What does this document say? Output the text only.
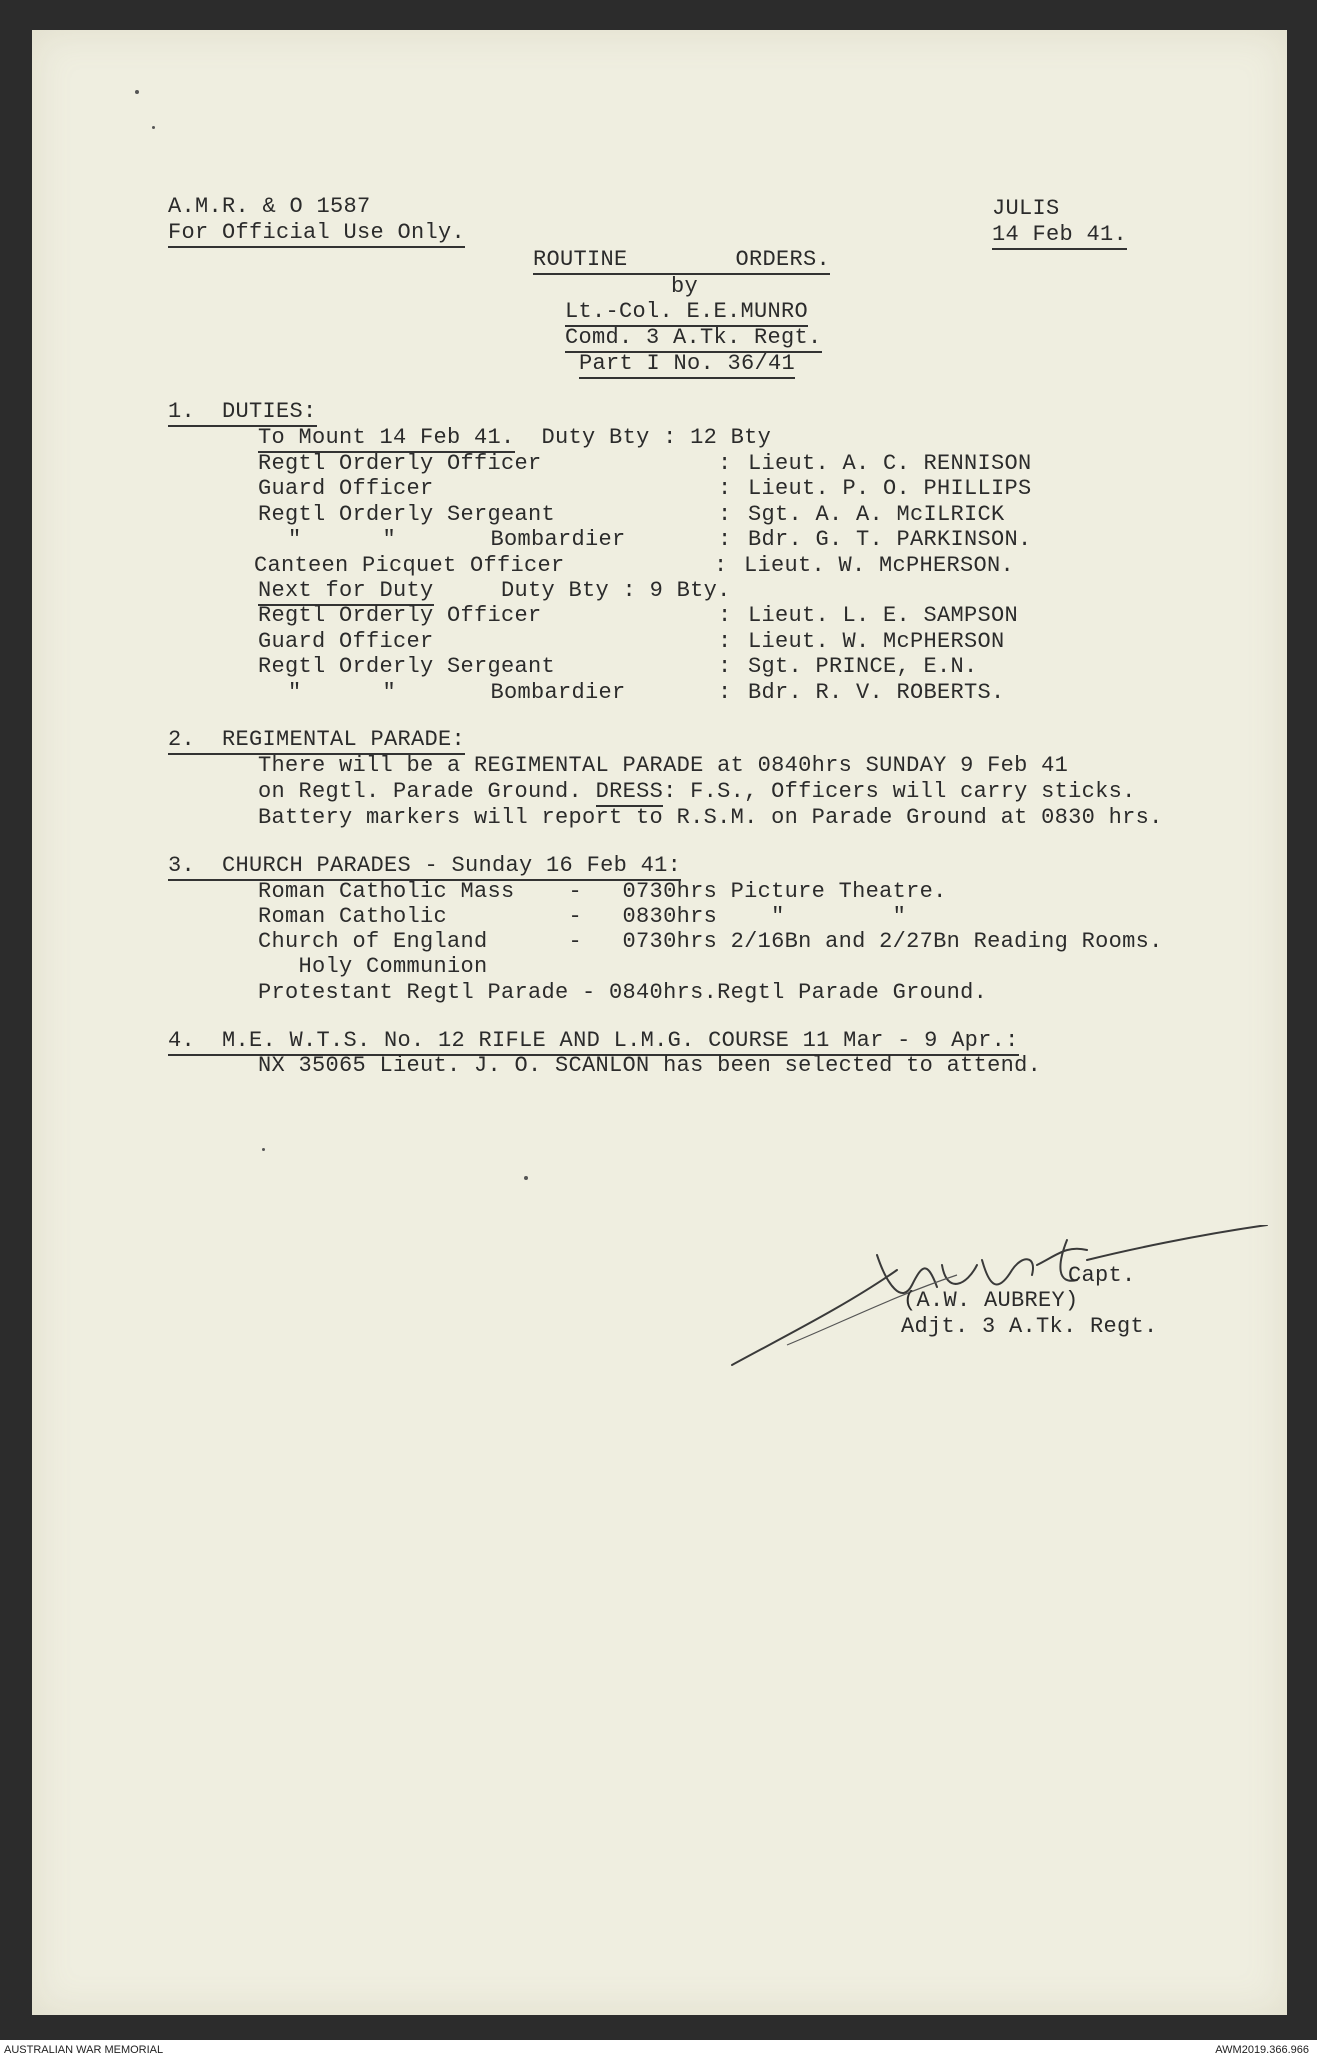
A.M.R. & O 1587
For Official Use Only.
JULIS
14 Feb 41.
ROUTINE        ORDERS.
by
Lt.-Col. E.E.MUNRO
Comd. 3 A.Tk. Regt.
Part I No. 36/41
1.  DUTIES:
To Mount 14 Feb 41.  Duty Bty : 12 Bty
Regtl Orderly Officer	: Lieut. A. C. RENNISON
Guard Officer	: Lieut. P. O. PHILLIPS
Regtl Orderly Sergeant	: Sgt. A. A. McILRICK
"      "       Bombardier	: Bdr. G. T. PARKINSON.
Canteen Picquet Officer	: Lieut. W. McPHERSON.
Next for Duty     Duty Bty : 9 Bty.
Regtl Orderly Officer	: Lieut. L. E. SAMPSON
Guard Officer	: Lieut. W. McPHERSON
Regtl Orderly Sergeant	: Sgt. PRINCE, E.N.
"      "       Bombardier	: Bdr. R. V. ROBERTS.
2.  REGIMENTAL PARADE:
There will be a REGIMENTAL PARADE at 0840hrs SUNDAY 9 Feb 41
on Regtl. Parade Ground. DRESS: F.S., Officers will carry sticks.
Battery markers will report to R.S.M. on Parade Ground at 0830 hrs.
3.  CHURCH PARADES - Sunday 16 Feb 41:
Roman Catholic Mass    -   0730hrs Picture Theatre.
Roman Catholic         -   0830hrs    "        "
Church of England      -   0730hrs 2/16Bn and 2/27Bn Reading Rooms.
Holy Communion
Protestant Regtl Parade - 0840hrs.Regtl Parade Ground.
4.  M.E. W.T.S. No. 12 RIFLE AND L.M.G. COURSE 11 Mar - 9 Apr.:
NX 35065 Lieut. J. O. SCANLON has been selected to attend.
Capt.
(A.W. AUBREY)
Adjt. 3 A.Tk. Regt.
AUSTRALIAN WAR MEMORIAL	AWM2019.366.966
